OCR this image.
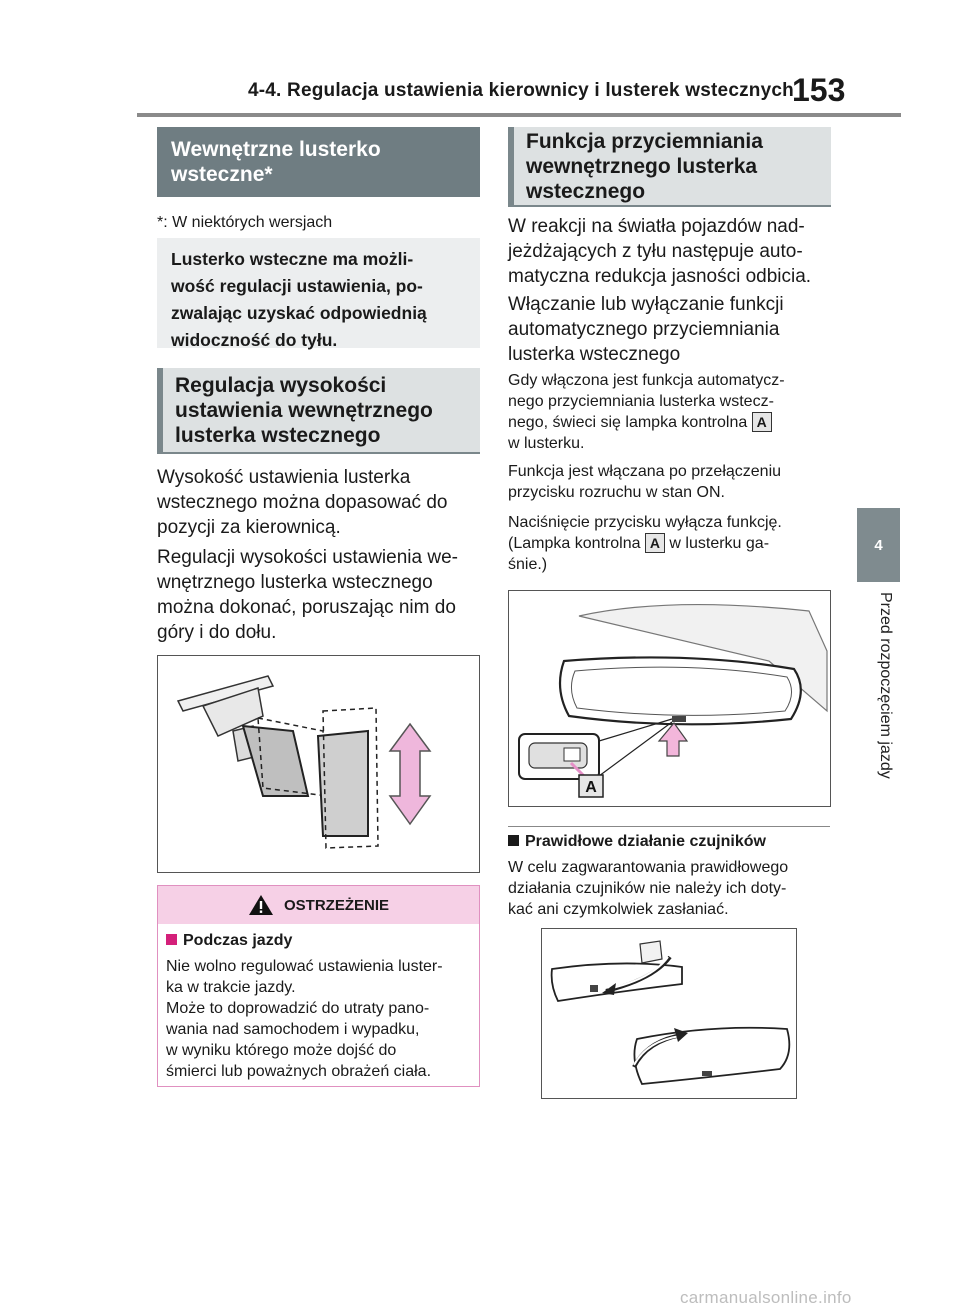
4-4. Regulacja ustawienia kierownicy i lusterek wstecznych
153
4
Przed rozpoczęciem jazdy
Wewnętrzne lusterko
wsteczne*
*: W niektórych wersjach
Lusterko wsteczne ma możli-
wość regulacji ustawienia, po-
zwalając uzyskać odpowiednią
widoczność do tyłu.
Regulacja wysokości
ustawienia wewnętrznego
lusterka wstecznego
Wysokość ustawienia lusterka
wstecznego można dopasować do
pozycji za kierownicą.
Regulacji wysokości ustawienia we-
wnętrznego lusterka wstecznego
można dokonać, poruszając nim do
góry i do dołu.
OSTRZEŻENIE
Podczas jazdy
Nie wolno regulować ustawienia luster-
ka w trakcie jazdy.
Może to doprowadzić do utraty pano-
wania nad samochodem i wypadku,
w wyniku którego może dojść do
śmierci lub poważnych obrażeń ciała.
Funkcja przyciemniania
wewnętrznego lusterka
wstecznego
W reakcji na światła pojazdów nad-
jeżdżających z tyłu następuje auto-
matyczna redukcja jasności odbicia.
Włączanie lub wyłączanie funkcji
automatycznego przyciemniania
lusterka wstecznego
Gdy włączona jest funkcja automatycz-
nego przyciemniania lusterka wstecz-
nego, świeci się lampka kontrolna A
w lusterku.
Funkcja jest włączana po przełączeniu
przycisku rozruchu w stan ON.
Naciśnięcie przycisku wyłącza funkcję.
(Lampka kontrolna A w lusterku ga-
śnie.)
A
Prawidłowe działanie czujników
W celu zagwarantowania prawidłowego
działania czujników nie należy ich doty-
kać ani czymkolwiek zasłaniać.
carmanualsonline.info
